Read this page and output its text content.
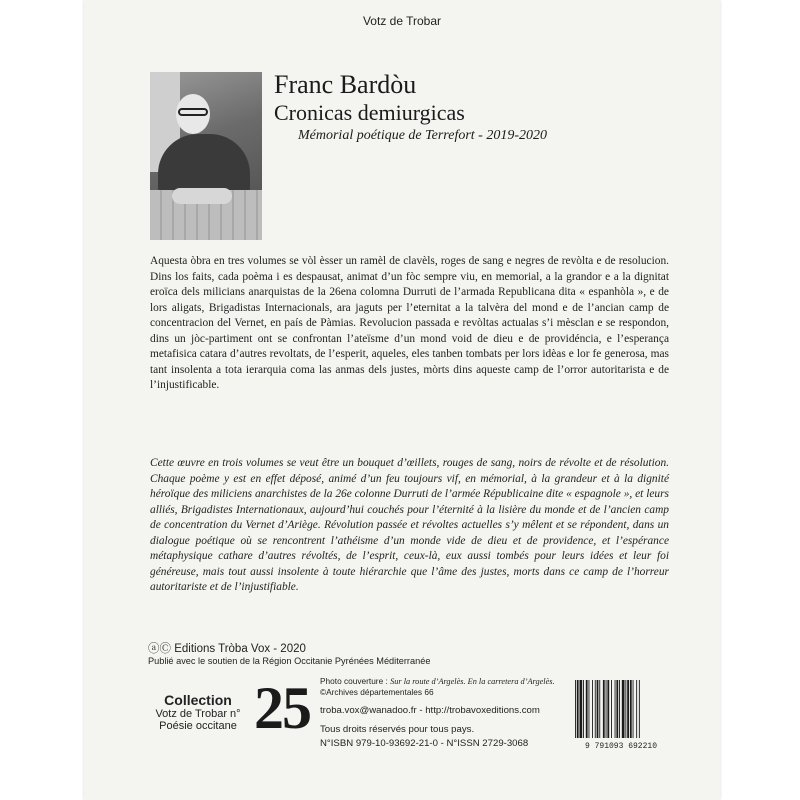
Votz de Trobar
Franc Bardòu
Cronicas demiurgicas
Mémorial poétique de Terrefort - 2019-2020
Aquesta òbra en tres volumes se vòl èsser un ramèl de clavèls, roges de sang e negres de revòlta e de resolucion. Dins los faits, cada poèma i es despausat, animat d’un fòc sempre viu, en memorial, a la grandor e a la dignitat eroïca dels milicians anarquistas de la 26ena colomna Durruti de l’armada Republicana dita « espanhòla », e de lors aligats, Brigadistas Internacionals, ara jaguts per l’eternitat a la talvèra del mond e de l’ancian camp de concentracion del Vernet, en país de Pàmias. Revolucion passada e revòltas actualas s’i mèsclan e se respondon, dins un jòc-partiment ont se confrontan l’ateïsme d’un mond void de dieu e de providéncia, e l’esperança metafisica catara d’autres revoltats, de l’esperit, aqueles, eles tanben tombats per lors idèas e lor fe generosa, mas tant insolenta a tota ierarquia coma las anmas dels justes, mòrts dins aqueste camp de l’orror autoritarista e de l’injustificable.
Cette œuvre en trois volumes se veut être un bouquet d’œillets, rouges de sang, noirs de révolte et de résolution. Chaque poème y est en effet déposé, animé d’un feu toujours vif, en mémorial, à la grandeur et à la dignité héroïque des miliciens anarchistes de la 26e colonne Durruti de l’armée Républicaine dite « espagnole », et leurs alliés, Brigadistes Internationaux, aujourd’hui couchés pour l’éternité à la lisière du monde et de l’ancien camp de concentration du Vernet d’Ariège. Révolution passée et révoltes actuelles s’y mêlent et se répondent, dans un dialogue poétique où se rencontrent l’athéisme d’un monde vide de dieu et de providence, et l’espérance métaphysique cathare d’autres révoltés, de l’esprit, ceux-là, eux aussi tombés pour leurs idées et leur foi généreuse, mais tout aussi insolente à toute hiérarchie que l’âme des justes, morts dans ce camp de l’horreur autoritariste et de l’injustifiable.
ⓐⒸ Editions Tròba Vox - 2020
Publié avec le soutien de la Région Occitanie Pyrénées Méditerranée
Collection
Votz de Trobar n°
Poésie occitane 25 Photo couverture : Sur la route d’Argelès. En la carretera d’Argelès.
©Archives départementales 66
troba.vox@wanadoo.fr - http://trobavoxeditions.com
Tous droits réservés pour tous pays.
N°ISBN 979-10-93692-21-0 - N°ISSN 2729-3068	9 791093 692210
